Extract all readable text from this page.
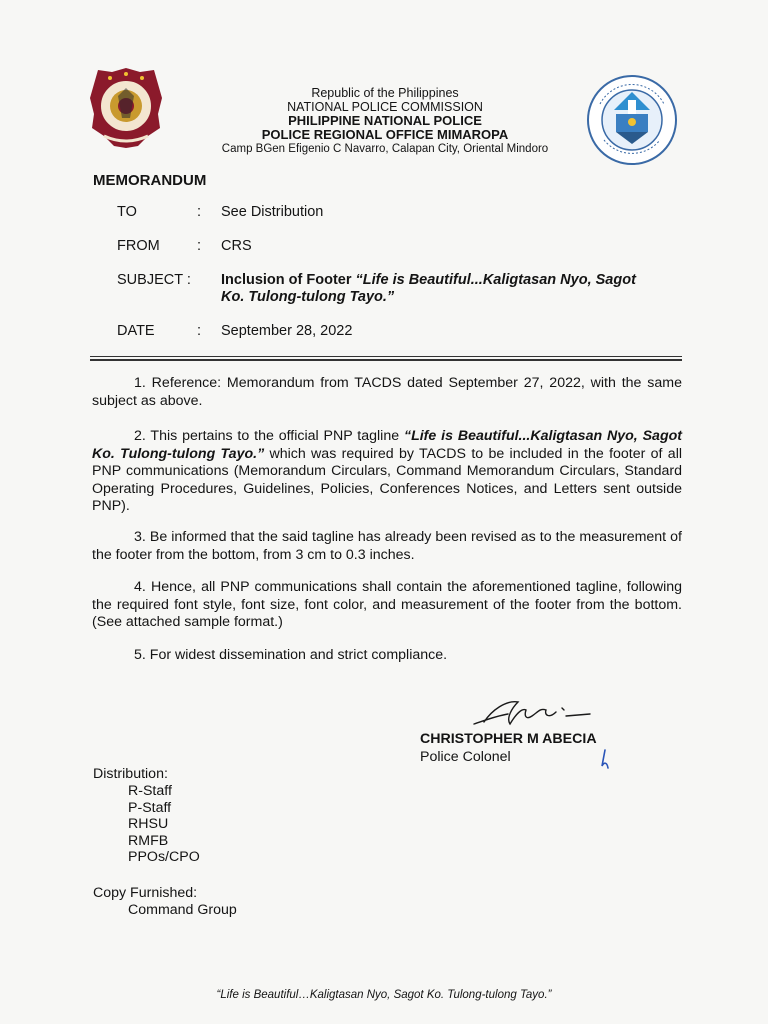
Republic of the Philippines
NATIONAL POLICE COMMISSION
PHILIPPINE NATIONAL POLICE
POLICE REGIONAL OFFICE MIMAROPA
Camp BGen Efigenio C Navarro, Calapan City, Oriental Mindoro
MEMORANDUM
TO	: See Distribution
FROM	: CRS
SUBJECT :	Inclusion of Footer “Life is Beautiful...Kaligtasan Nyo, Sagot
Ko. Tulong-tulong Tayo.”
DATE	: September 28, 2022
1. Reference: Memorandum from TACDS dated September 27, 2022, with the same subject as above.
2. This pertains to the official PNP tagline “Life is Beautiful...Kaligtasan Nyo, Sagot Ko. Tulong-tulong Tayo.” which was required by TACDS to be included in the footer of all PNP communications (Memorandum Circulars, Command Memorandum Circulars, Standard Operating Procedures, Guidelines, Policies, Conferences Notices, and Letters sent outside PNP).
3. Be informed that the said tagline has already been revised as to the measurement of the footer from the bottom, from 3 cm to 0.3 inches.
4. Hence, all PNP communications shall contain the aforementioned tagline, following the required font style, font size, font color, and measurement of the footer from the bottom. (See attached sample format.)
5. For widest dissemination and strict compliance.
CHRISTOPHER M ABECIA
Police Colonel
Distribution:
R-Staff
P-Staff
RHSU
RMFB
PPOs/CPO
Copy Furnished:
Command Group
“Life is Beautiful…Kaligtasan Nyo, Sagot Ko. Tulong-tulong Tayo.”
